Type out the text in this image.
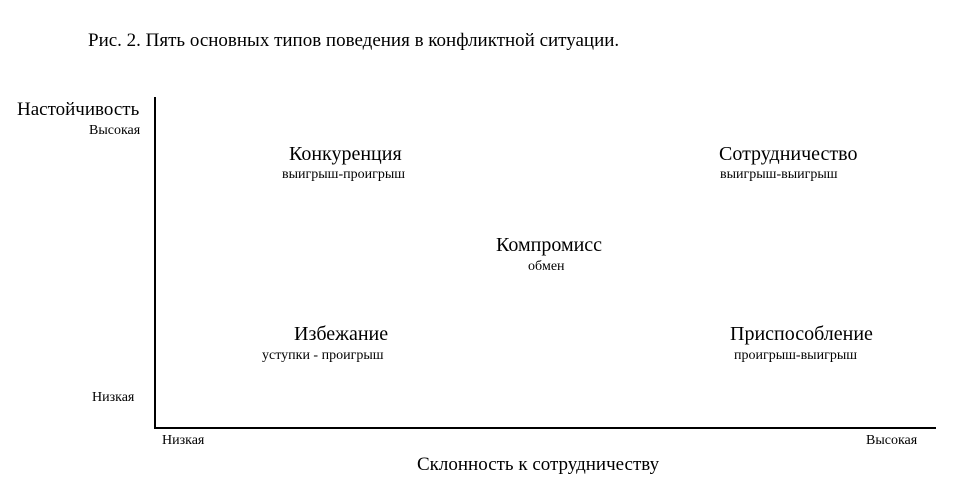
Рис. 2. Пять основных типов поведения в конфликтной ситуации.
Настойчивость
Высокая
Низкая
Низкая	Высокая
Склонность к сотрудничеству
Конкуренция
выигрыш-проигрыш
Сотрудничество
выигрыш-выигрыш
Компромисс
обмен
Избежание
уступки - проигрыш
Приспособление
проигрыш-выигрыш
